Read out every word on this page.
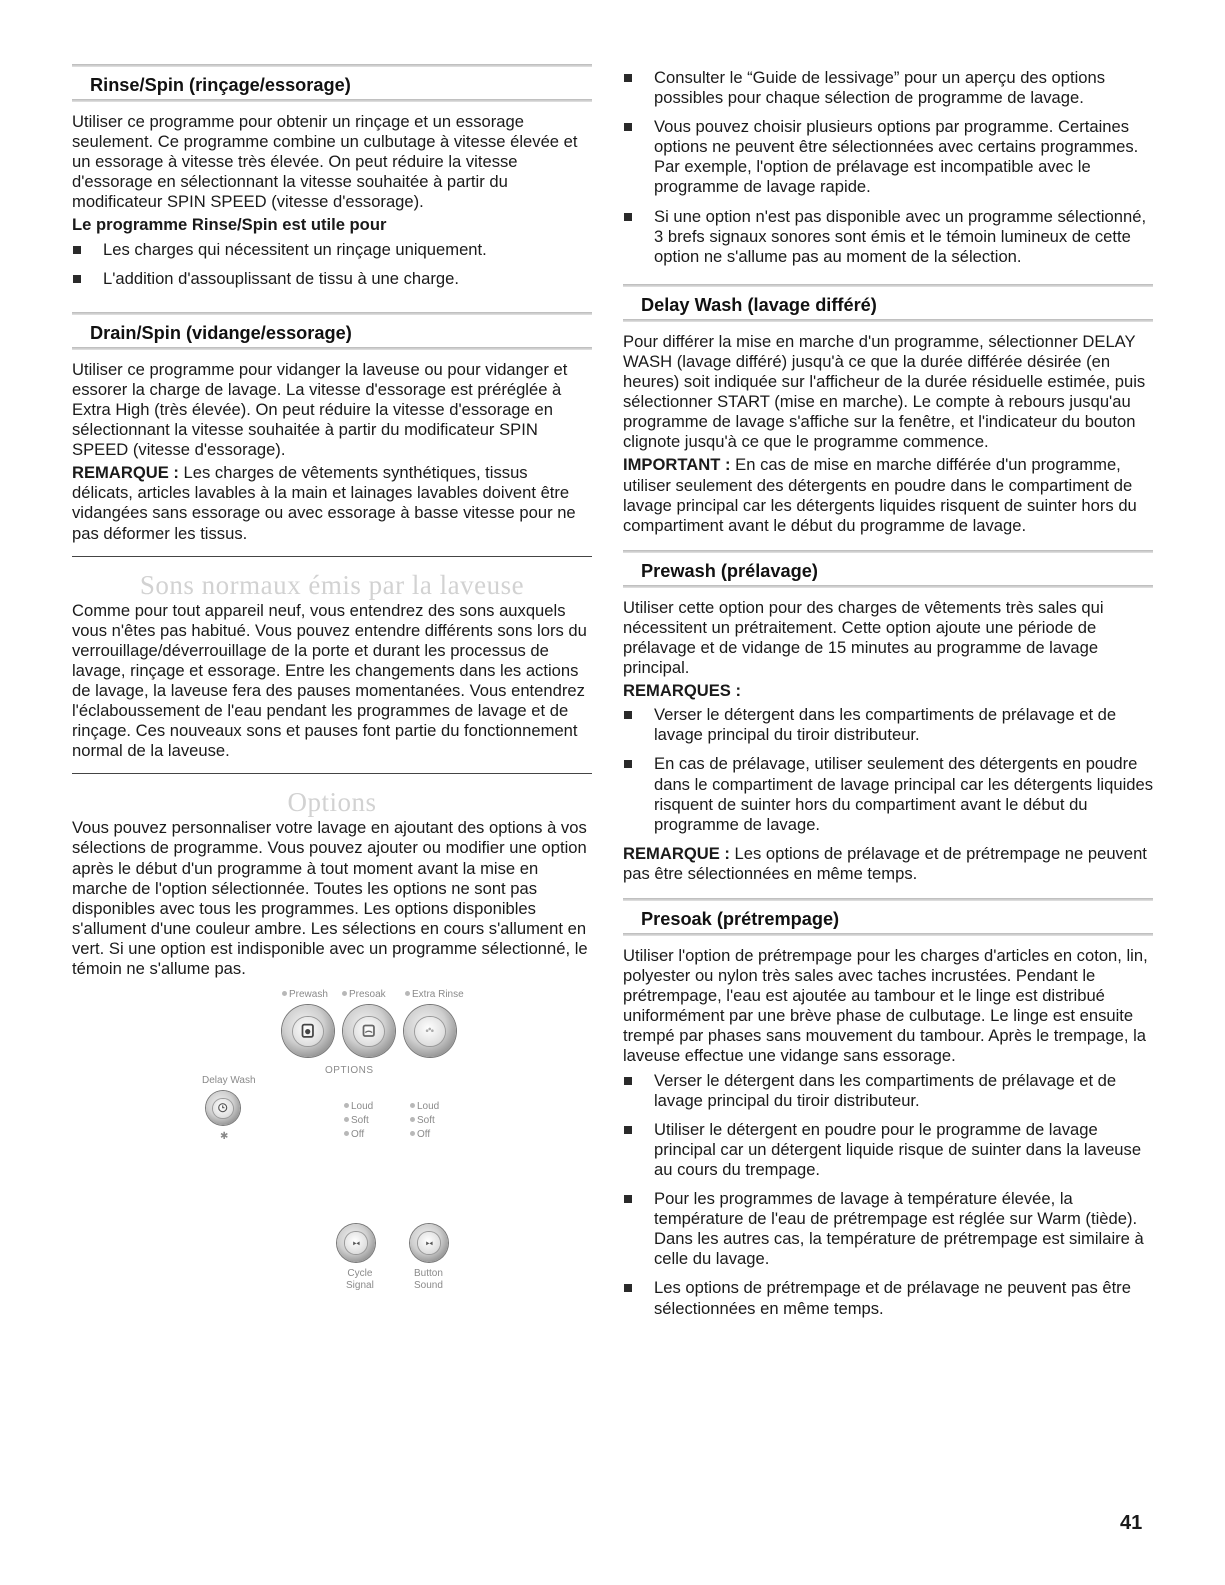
Rinse/Spin (rinçage/essorage)

Utiliser ce programme pour obtenir un rinçage et un essorage seulement. Ce programme combine un culbutage à vitesse élevée et un essorage à vitesse très élevée. On peut réduire la vitesse d'essorage en sélectionnant la vitesse souhaitée à partir du modificateur SPIN SPEED (vitesse d'essorage).

Le programme Rinse/Spin est utile pour

Les charges qui nécessitent un rinçage uniquement.
L'addition d'assouplissant de tissu à une charge.
Drain/Spin (vidange/essorage)

Utiliser ce programme pour vidanger la laveuse ou pour vidanger et essorer la charge de lavage. La vitesse d'essorage est préréglée à Extra High (très élevée). On peut réduire la vitesse d'essorage en sélectionnant la vitesse souhaitée à partir du modificateur SPIN SPEED (vitesse d'essorage).

REMARQUE : Les charges de vêtements synthétiques, tissus délicats, articles lavables à la main et lainages lavables doivent être vidangées sans essorage ou avec essorage à basse vitesse pour ne pas déformer les tissus.

Sons normaux émis par la laveuse

Comme pour tout appareil neuf, vous entendrez des sons auxquels vous n'êtes pas habitué. Vous pouvez entendre différents sons lors du verrouillage/déverrouillage de la porte et durant les processus de lavage, rinçage et essorage. Entre les changements dans les actions de lavage, la laveuse fera des pauses momentanées. Vous entendrez l'éclaboussement de l'eau pendant les programmes de lavage et de rinçage. Ces nouveaux sons et pauses font partie du fonctionnement normal de la laveuse.

Options

Vous pouvez personnaliser votre lavage en ajoutant des options à vos sélections de programme. Vous pouvez ajouter ou modifier une option après le début d'un programme à tout moment avant la mise en marche de l'option sélectionnée. Toutes les options ne sont pas disponibles avec tous les programmes. Les options disponibles s'allument d'une couleur ambre. Les sélections en cours s'allument en vert. Si une option est indisponible avec un programme sélectionné, le témoin ne s'allume pas.

Prewash	Presoak	Extra Rinse
OPTIONS
Delay Wash
✱
Loud
Soft
Off
Loud
Soft
Off
Cycle
Signal
Button
Sound
Consulter le “Guide de lessivage” pour un aperçu des options possibles pour chaque sélection de programme de lavage.
Vous pouvez choisir plusieurs options par programme. Certaines options ne peuvent être sélectionnées avec certains programmes. Par exemple, l'option de prélavage est incompatible avec le programme de lavage rapide.
Si une option n'est pas disponible avec un programme sélectionné, 3 brefs signaux sonores sont émis et le témoin lumineux de cette option ne s'allume pas au moment de la sélection.
Delay Wash (lavage différé)

Pour différer la mise en marche d'un programme, sélectionner DELAY WASH (lavage différé) jusqu'à ce que la durée différée désirée (en heures) soit indiquée sur l'afficheur de la durée résiduelle estimée, puis sélectionner START (mise en marche). Le compte à rebours jusqu'au programme de lavage s'affiche sur la fenêtre, et l'indicateur du bouton clignote jusqu'à ce que le programme commence.

IMPORTANT : En cas de mise en marche différée d'un programme, utiliser seulement des détergents en poudre dans le compartiment de lavage principal car les détergents liquides risquent de suinter hors du compartiment avant le début du programme de lavage.

Prewash (prélavage)

Utiliser cette option pour des charges de vêtements très sales qui nécessitent un prétraitement. Cette option ajoute une période de prélavage et de vidange de 15 minutes au programme de lavage principal.

REMARQUES :

Verser le détergent dans les compartiments de prélavage et de lavage principal du tiroir distributeur.
En cas de prélavage, utiliser seulement des détergents en poudre dans le compartiment de lavage principal car les détergents liquides risquent de suinter hors du compartiment avant le début du programme de lavage.

REMARQUE : Les options de prélavage et de prétrempage ne peuvent pas être sélectionnées en même temps.

Presoak (prétrempage)

Utiliser l'option de prétrempage pour les charges d'articles en coton, lin, polyester ou nylon très sales avec taches incrustées. Pendant le prétrempage, l'eau est ajoutée au tambour et le linge est distribué uniformément par une brève phase de culbutage. Le linge est ensuite trempé par phases sans mouvement du tambour. Après le trempage, la laveuse effectue une vidange sans essorage.

Verser le détergent dans les compartiments de prélavage et de lavage principal du tiroir distributeur.
Utiliser le détergent en poudre pour le programme de lavage principal car un détergent liquide risque de suinter dans la laveuse au cours du trempage.
Pour les programmes de lavage à température élevée, la température de l'eau de prétrempage est réglée sur Warm (tiède). Dans les autres cas, la température de prétrempage est similaire à celle du lavage.
Les options de prétrempage et de prélavage ne peuvent pas être sélectionnées en même temps.
41
